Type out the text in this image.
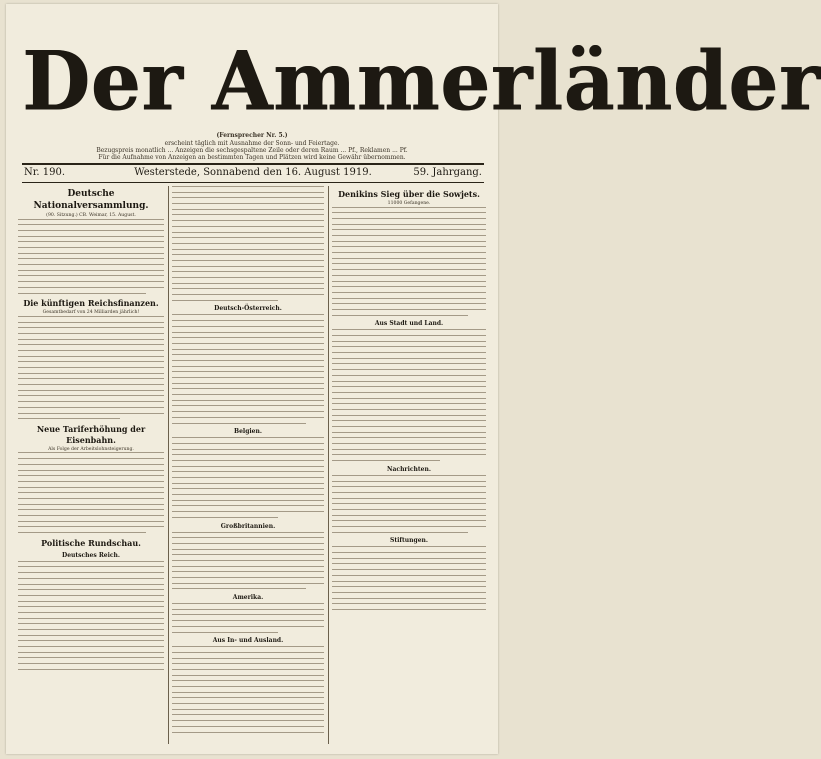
Der Ammerländer
(Fernsprecher Nr. 5.)
erscheint täglich mit Ausnahme der Sonn- und Feiertage.
Bezugspreis monatlich ... Anzeigen die sechsgespaltene Zeile oder deren Raum ... Pf., Reklamen ... Pf.
Für die Aufnahme von Anzeigen an bestimmten Tagen und Plätzen wird keine Gewähr übernommen.
Nr. 190.	Westerstede, Sonnabend den 16. August 1919.	59. Jahrgang.
Deutsche Nationalversammlung.
(90. Sitzung.) CB. Weimar, 15. August.
Die künftigen Reichsfinanzen.
Gesamtbedarf von 24 Milliarden jährlich!
Neue Tariferhöhung der Eisenbahn.
Als Folge der Arbeitslohnsteigerung.
Politische Rundschau.
Deutsches Reich.
Deutsch-Österreich.
Belgien.
Großbritannien.
Amerika.
Aus In- und Ausland.
Denikins Sieg über die Sowjets.
11000 Gefangene.
Aus Stadt und Land.
Nachrichten.
Stiftungen.
